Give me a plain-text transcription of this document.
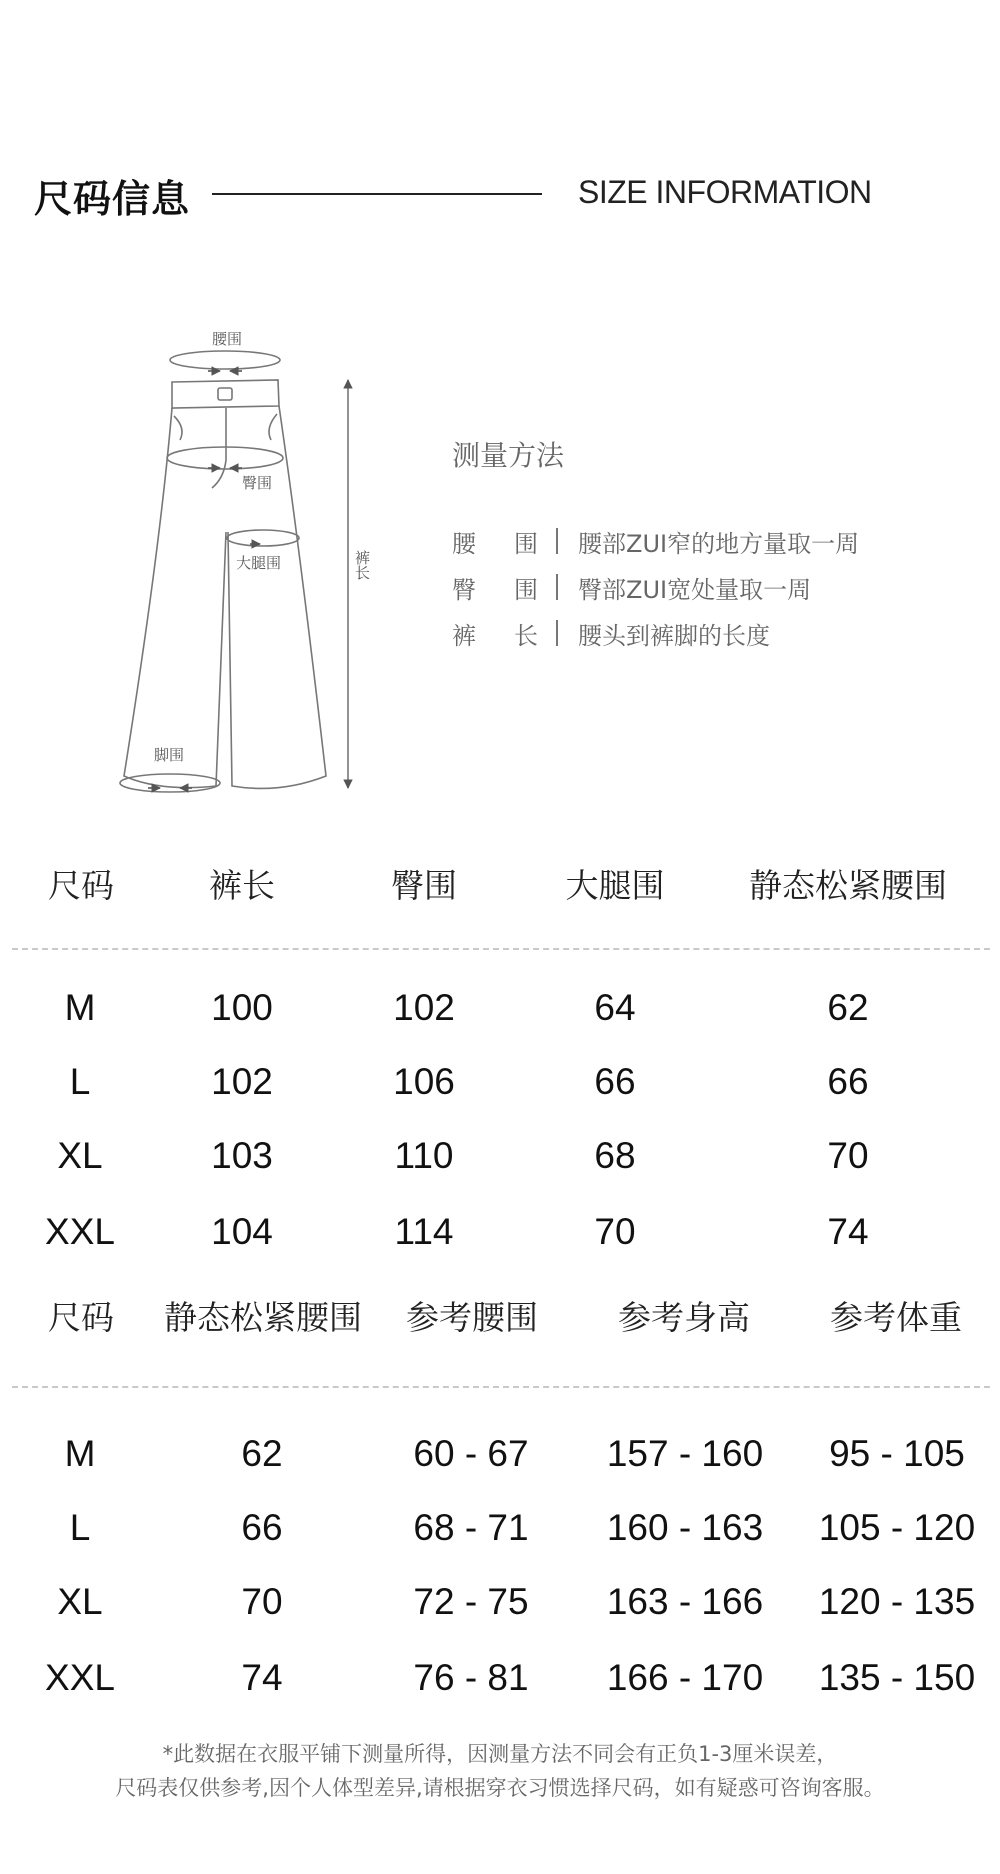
尺码信息	SIZE INFORMATION
腰围
臀围
大腿围
脚围
裤长
测量方法
腰 围 腰部ZUI窄的地方量取一周
臀 围 臀部ZUI宽处量取一周
裤 长 腰头到裤脚的长度
尺码	裤长	臀围	大腿围	静态松紧腰围
M	100	102	64	62
L	102	106	66	66
XL	103	110	68	70
XXL	104	114	70	74
尺码	静态松紧腰围	参考腰围	参考身高	参考体重
M	62	60 - 67	157 - 160	95 - 105
L	66	68 - 71	160 - 163	105 - 120
XL	70	72 - 75	163 - 166	120 - 135
XXL	74	76 - 81	166 - 170	135 - 150
*此数据在衣服平铺下测量所得，因测量方法不同会有正负1-3厘米误差，
尺码表仅供参考,因个人体型差异,请根据穿衣习惯选择尺码，如有疑惑可咨询客服。
